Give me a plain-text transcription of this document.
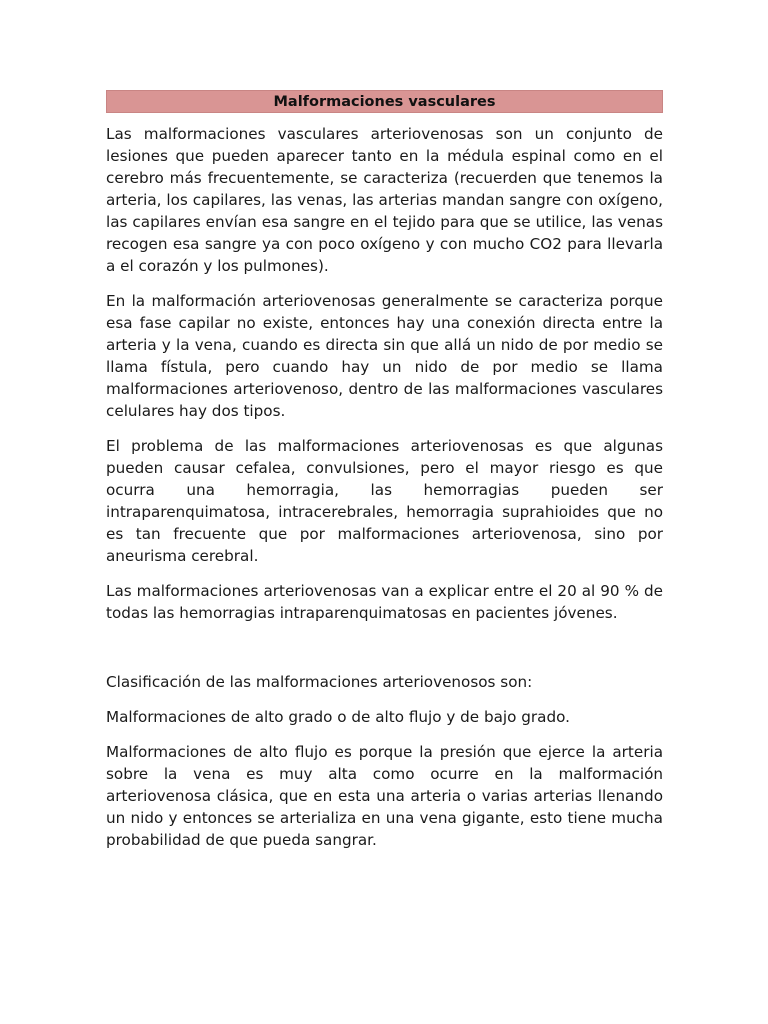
Malformaciones vasculares

Las malformaciones vasculares arteriovenosas son un conjunto de lesiones que pueden aparecer tanto en la médula espinal como en el cerebro más frecuentemente, se caracteriza (recuerden que tenemos la arteria, los capilares, las venas, las arterias mandan sangre con oxígeno, las capilares envían esa sangre en el tejido para que se utilice, las venas recogen esa sangre ya con poco oxígeno y con mucho CO2 para llevarla a el corazón y los pulmones).

En la malformación arteriovenosas generalmente se caracteriza porque esa fase capilar no existe, entonces hay una conexión directa entre la arteria y la vena, cuando es directa sin que allá un nido de por medio se llama fístula, pero cuando hay un nido de por medio se llama malformaciones arteriovenoso, dentro de las malformaciones vasculares celulares hay dos tipos.

El problema de las malformaciones arteriovenosas es que algunas pueden causar cefalea, convulsiones, pero el mayor riesgo es que ocurra una hemorragia, las hemorragias pueden ser intraparenquimatosa, intracerebrales, hemorragia suprahioides que no es tan frecuente que por malformaciones arteriovenosa, sino por aneurisma cerebral.

Las malformaciones arteriovenosas van a explicar entre el 20 al 90 % de todas las hemorragias intraparenquimatosas en pacientes jóvenes.

Clasificación de las malformaciones arteriovenosos son:

Malformaciones de alto grado o de alto flujo y de bajo grado.

Malformaciones de alto flujo es porque la presión que ejerce la arteria sobre la vena es muy alta como ocurre en la malformación arteriovenosa clásica, que en esta una arteria o varias arterias llenando un nido y entonces se arterializa en una vena gigante, esto tiene mucha probabilidad de que pueda sangrar.
